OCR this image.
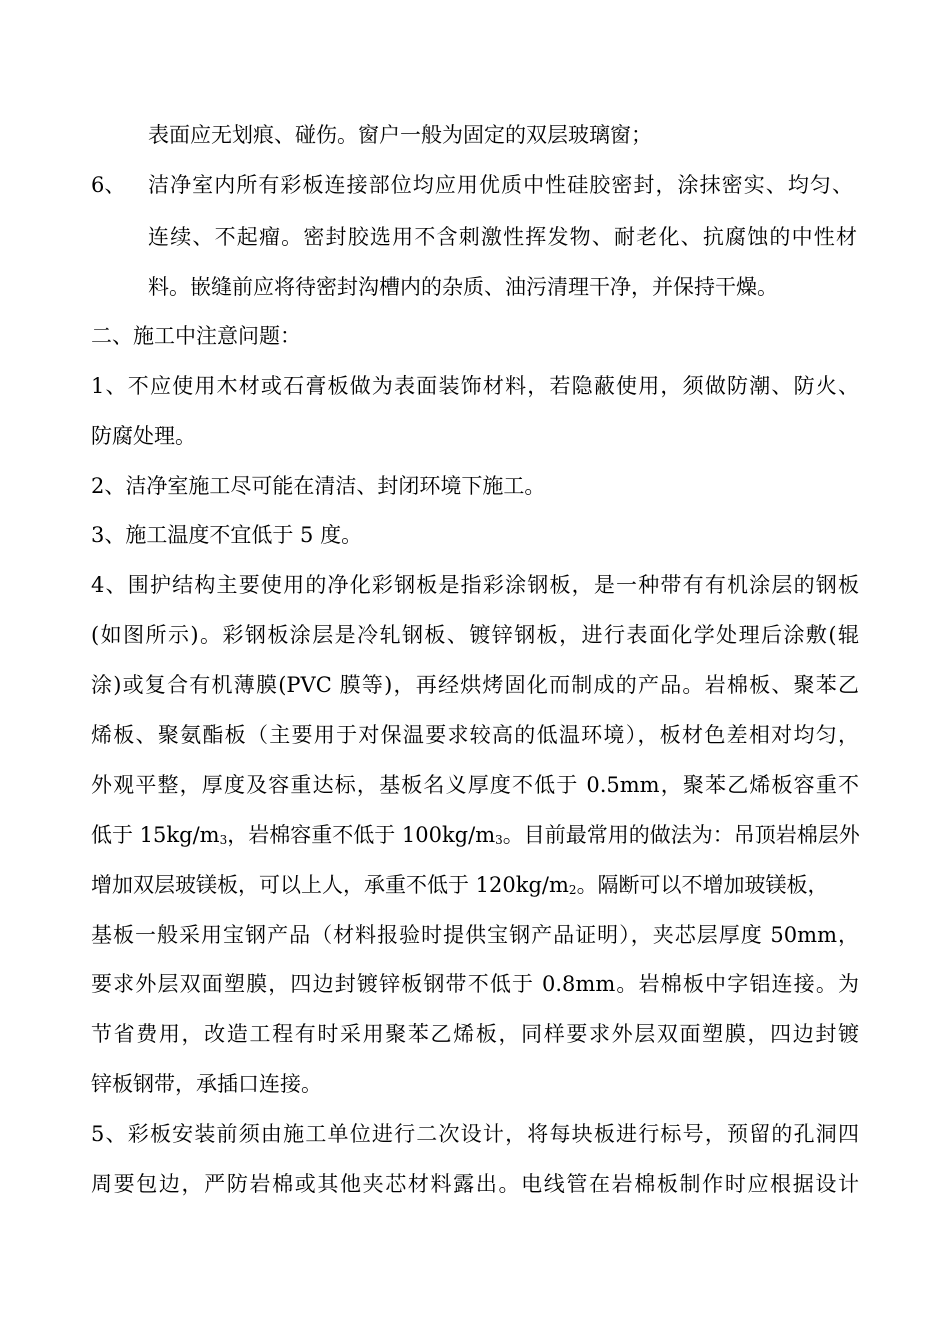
表面应无划痕、碰伤。窗户一般为固定的双层玻璃窗；
6、 洁净室内所有彩板连接部位均应用优质中性硅胶密封，涂抹密实、均匀、
连续、不起瘤。密封胶选用不含刺激性挥发物、耐老化、抗腐蚀的中性材
料。嵌缝前应将待密封沟槽内的杂质、油污清理干净，并保持干燥。
二、施工中注意问题：
1、不应使用木材或石膏板做为表面装饰材料，若隐蔽使用，须做防潮、防火、
防腐处理。
2、洁净室施工尽可能在清洁、封闭环境下施工。
3、施工温度不宜低于 5 度。
4、围护结构主要使用的净化彩钢板是指彩涂钢板，是一种带有有机涂层的钢板
(如图所示)。彩钢板涂层是冷轧钢板、镀锌钢板，进行表面化学处理后涂敷(辊
涂)或复合有机薄膜(PVC 膜等)，再经烘烤固化而制成的产品。岩棉板、聚苯乙
烯板、聚氨酯板（主要用于对保温要求较高的低温环境），板材色差相对均匀，
外观平整，厚度及容重达标，基板名义厚度不低于 0.5mm，聚苯乙烯板容重不
低于 15kg/m3，岩棉容重不低于 100kg/m3。目前最常用的做法为：吊顶岩棉层外
增加双层玻镁板，可以上人，承重不低于 120kg/m2。隔断可以不增加玻镁板，
基板一般采用宝钢产品（材料报验时提供宝钢产品证明），夹芯层厚度 50mm，
要求外层双面塑膜，四边封镀锌板钢带不低于 0.8mm。岩棉板中字铝连接。为
节省费用，改造工程有时采用聚苯乙烯板，同样要求外层双面塑膜，四边封镀
锌板钢带，承插口连接。
5、彩板安装前须由施工单位进行二次设计，将每块板进行标号，预留的孔洞四
周要包边，严防岩棉或其他夹芯材料露出。电线管在岩棉板制作时应根据设计
